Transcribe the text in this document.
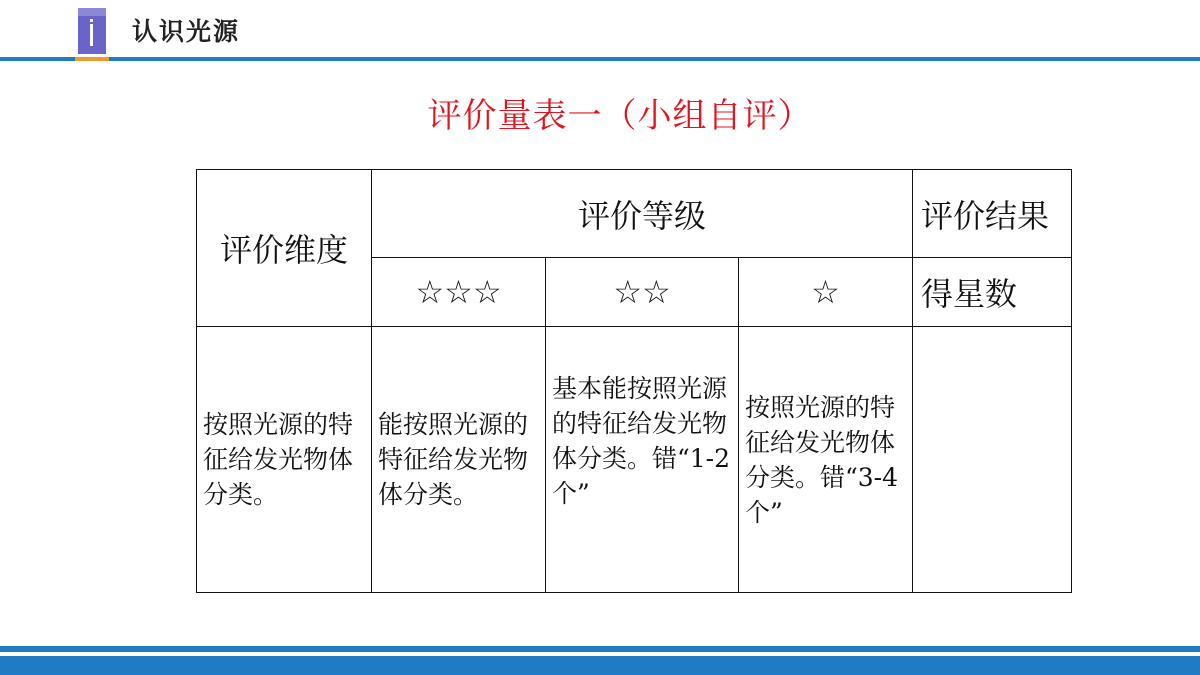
认识光源
评价量表一（小组自评）
评价维度	评价等级			评价结果
	☆☆☆	☆☆	☆	得星数
按照光源的特征给发光物体分类。	能按照光源的特征给发光物体分类。	基本能按照光源的特征给发光物体分类。错“1-2个”	按照光源的特征给发光物体分类。错“3-4个”	
